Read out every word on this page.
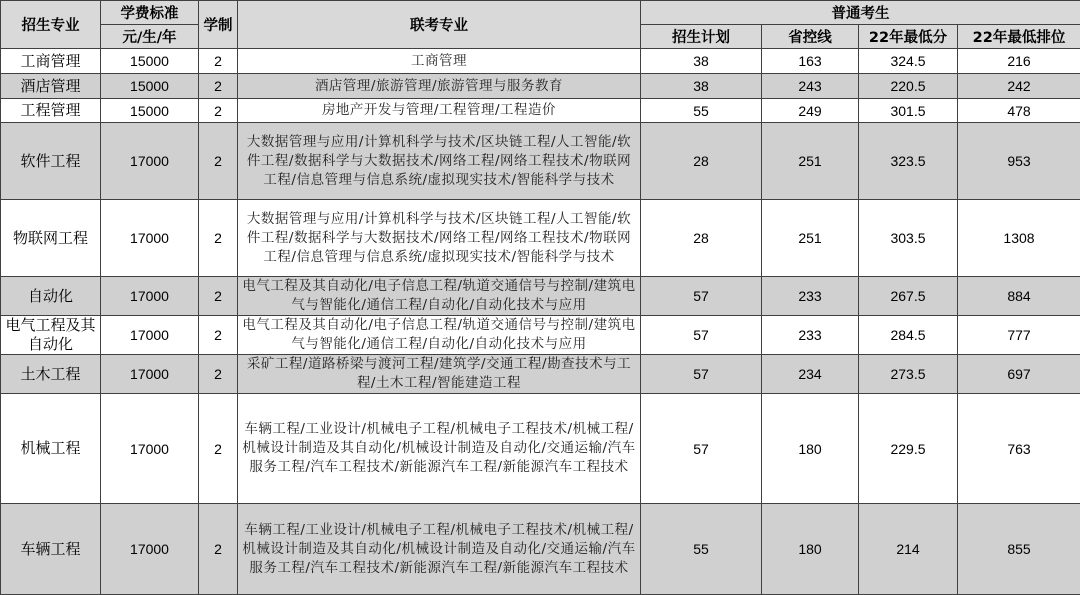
招生专业	学费标准	学制	联考专业	普通考生			
	元/生/年			招生计划	省控线	22年最低分	22年最低排位
工商管理	15000	2	工商管理	38	163	324.5	216
酒店管理	15000	2	酒店管理/旅游管理/旅游管理与服务教育	38	243	220.5	242
工程管理	15000	2	房地产开发与管理/工程管理/工程造价	55	249	301.5	478
软件工程	17000	2	大数据管理与应用/计算机科学与技术/区块链工程/人工智能/软件工程/数据科学与大数据技术/网络工程/网络工程技术/物联网工程/信息管理与信息系统/虚拟现实技术/智能科学与技术	28	251	323.5	953
物联网工程	17000	2	大数据管理与应用/计算机科学与技术/区块链工程/人工智能/软件工程/数据科学与大数据技术/网络工程/网络工程技术/物联网工程/信息管理与信息系统/虚拟现实技术/智能科学与技术	28	251	303.5	1308
自动化	17000	2	电气工程及其自动化/电子信息工程/轨道交通信号与控制/建筑电气与智能化/通信工程/自动化/自动化技术与应用	57	233	267.5	884
电气工程及其自动化	17000	2	电气工程及其自动化/电子信息工程/轨道交通信号与控制/建筑电气与智能化/通信工程/自动化/自动化技术与应用	57	233	284.5	777
土木工程	17000	2	采矿工程/道路桥梁与渡河工程/建筑学/交通工程/勘查技术与工程/土木工程/智能建造工程	57	234	273.5	697
机械工程	17000	2	车辆工程/工业设计/机械电子工程/机械电子工程技术/机械工程/机械设计制造及其自动化/机械设计制造及自动化/交通运输/汽车服务工程/汽车工程技术/新能源汽车工程/新能源汽车工程技术	57	180	229.5	763
车辆工程	17000	2	车辆工程/工业设计/机械电子工程/机械电子工程技术/机械工程/机械设计制造及其自动化/机械设计制造及自动化/交通运输/汽车服务工程/汽车工程技术/新能源汽车工程/新能源汽车工程技术	55	180	214	855
